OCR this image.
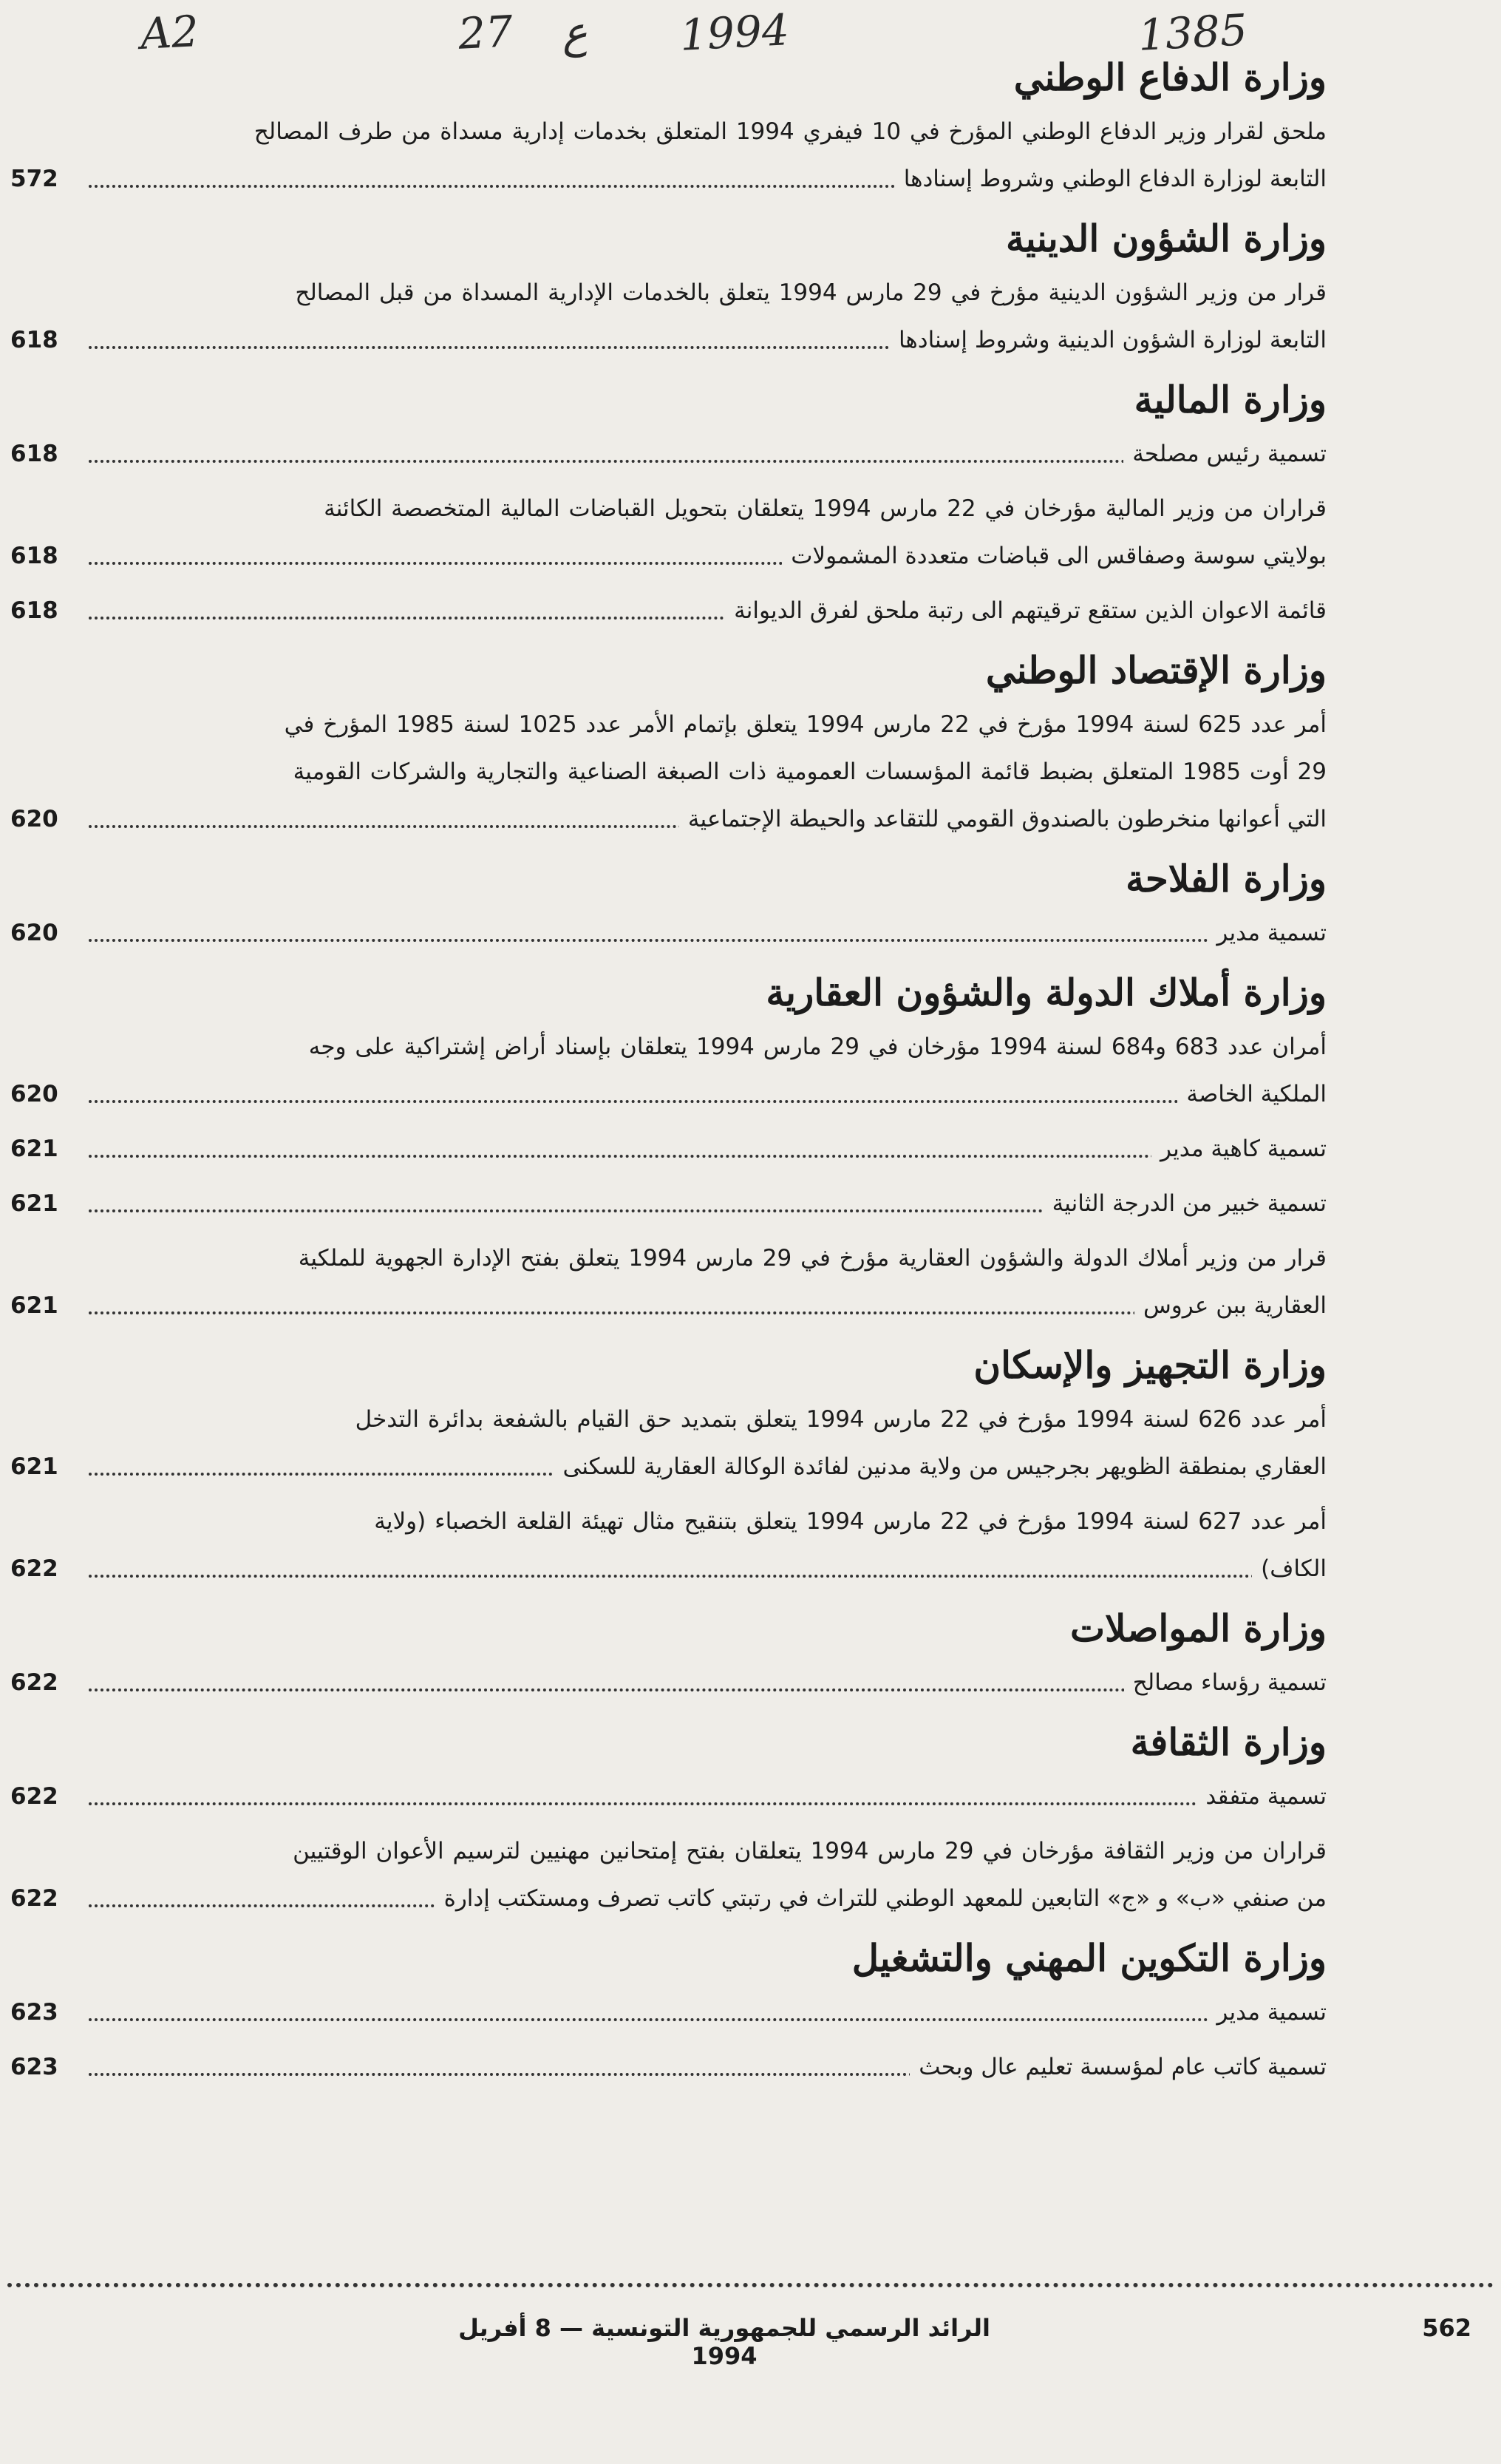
A2	27 ع 1994	1385
وزارة الدفاع الوطني
ملحق لقرار وزير الدفاع الوطني المؤرخ في 10 فيفري 1994 المتعلق بخدمات إدارية مسداة من طرف المصالح
التابعة لوزارة الدفاع الوطني وشروط إسنادها
572
وزارة الشؤون الدينية
قرار من وزير الشؤون الدينية مؤرخ في 29 مارس 1994 يتعلق بالخدمات الإدارية المسداة من قبل المصالح
التابعة لوزارة الشؤون الدينية وشروط إسنادها
618
وزارة المالية
تسمية رئيس مصلحة
618
قراران من وزير المالية مؤرخان في 22 مارس 1994 يتعلقان بتحويل القباضات المالية المتخصصة الكائنة
بولايتي سوسة وصفاقس الى قباضات متعددة المشمولات
618
قائمة الاعوان الذين ستقع ترقيتهم الى رتبة ملحق لفرق الديوانة
618
وزارة الإقتصاد الوطني
أمر عدد 625 لسنة 1994 مؤرخ في 22 مارس 1994 يتعلق بإتمام الأمر عدد 1025 لسنة 1985 المؤرخ في
29 أوت 1985 المتعلق بضبط قائمة المؤسسات العمومية ذات الصبغة الصناعية والتجارية والشركات القومية
التي أعوانها منخرطون بالصندوق القومي للتقاعد والحيطة الإجتماعية
620
وزارة الفلاحة
تسمية مدير
620
وزارة أملاك الدولة والشؤون العقارية
أمران عدد 683 و684 لسنة 1994 مؤرخان في 29 مارس 1994 يتعلقان بإسناد أراض إشتراكية على وجه
الملكية الخاصة
620
تسمية كاهية مدير
621
تسمية خبير من الدرجة الثانية
621
قرار من وزير أملاك الدولة والشؤون العقارية مؤرخ في 29 مارس 1994 يتعلق بفتح الإدارة الجهوية للملكية
العقارية ببن عروس
621
وزارة التجهيز والإسكان
أمر عدد 626 لسنة 1994 مؤرخ في 22 مارس 1994 يتعلق بتمديد حق القيام بالشفعة بدائرة التدخل
العقاري بمنطقة الظويهر بجرجيس من ولاية مدنين لفائدة الوكالة العقارية للسكنى
621
أمر عدد 627 لسنة 1994 مؤرخ في 22 مارس 1994 يتعلق بتنقيح مثال تهيئة القلعة الخصباء (ولاية
الكاف)
622
وزارة المواصلات
تسمية رؤساء مصالح
622
وزارة الثقافة
تسمية متفقد
622
قراران من وزير الثقافة مؤرخان في 29 مارس 1994 يتعلقان بفتح إمتحانين مهنيين لترسيم الأعوان الوقتيين
من صنفي «ب» و «ج» التابعين للمعهد الوطني للتراث في رتبتي كاتب تصرف ومستكتب إدارة
622
وزارة التكوين المهني والتشغيل
تسمية مدير
623
تسمية كاتب عام لمؤسسة تعليم عال وبحث
623
562
الرائد الرسمي للجمهورية التونسية — 8 أفريل 1994
